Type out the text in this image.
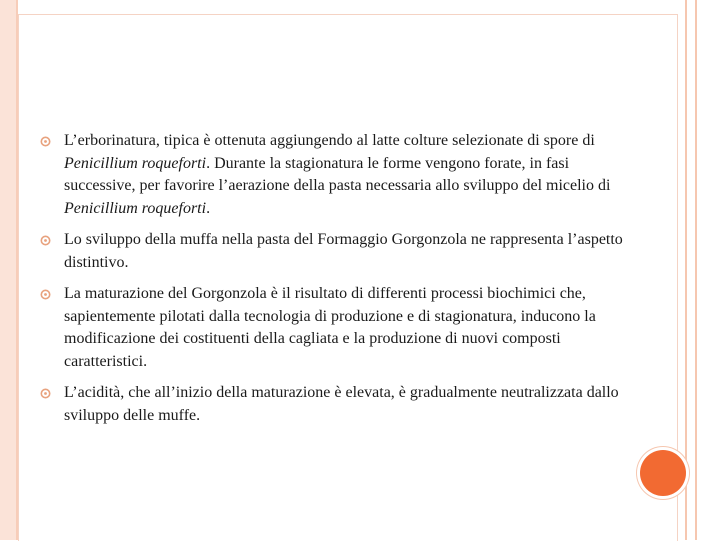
L’erborinatura, tipica è ottenuta aggiungendo al latte colture selezionate di spore di Penicillium roqueforti. Durante la stagionatura le forme vengono forate, in fasi successive, per favorire l’aerazione della pasta necessaria allo sviluppo del micelio di Penicillium roqueforti.
Lo sviluppo della muffa nella pasta del Formaggio Gorgonzola ne rappresenta l’aspetto distintivo.
La maturazione del Gorgonzola è il risultato di differenti processi biochimici che, sapientemente pilotati dalla tecnologia di produzione e di stagionatura, inducono la modificazione dei costituenti della cagliata e la produzione di nuovi composti caratteristici.
L’acidità, che all’inizio della maturazione è elevata, è gradualmente neutralizzata dallo sviluppo delle muffe.
